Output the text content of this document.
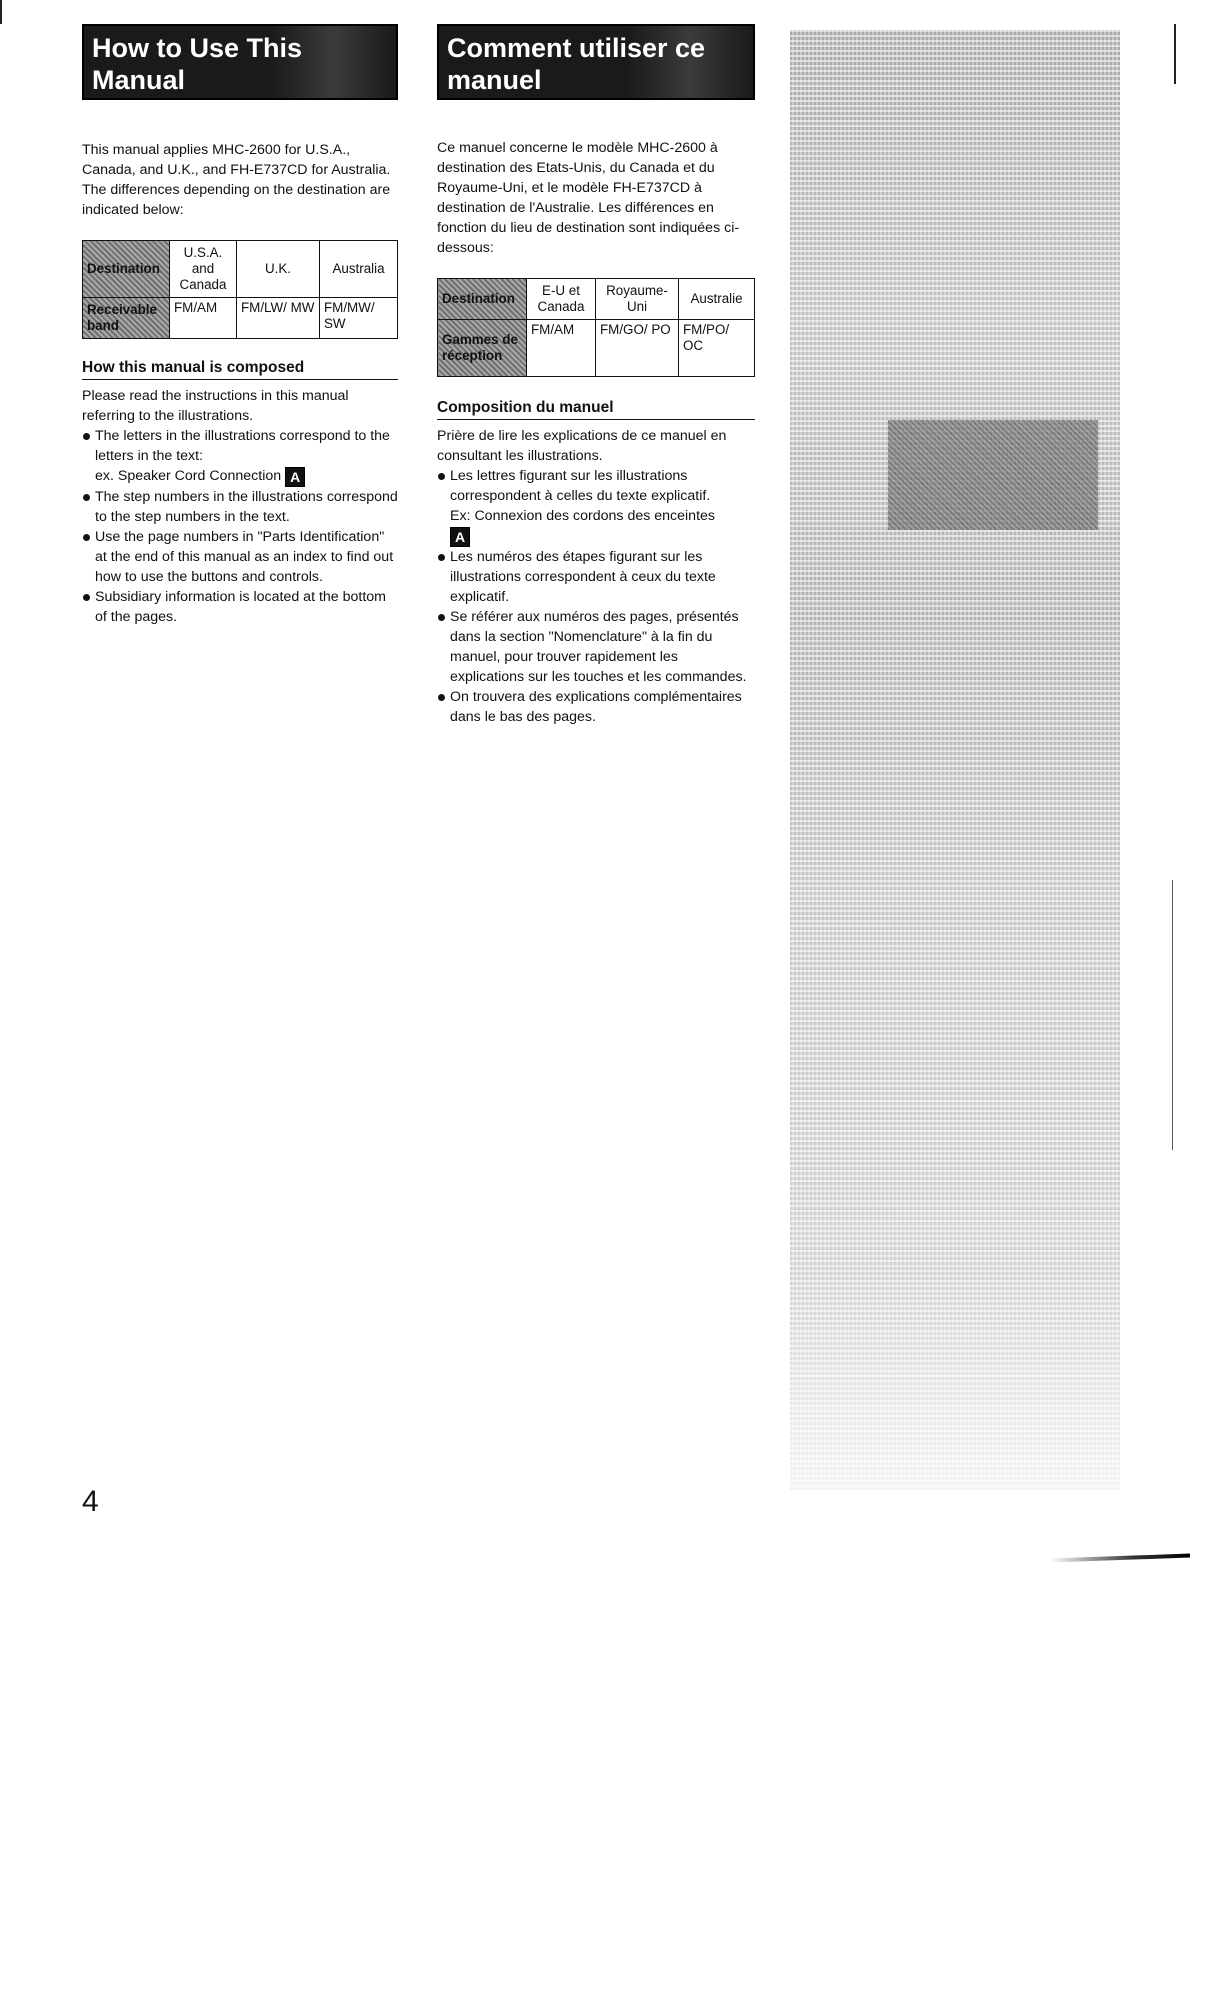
How to Use This
Manual

This manual applies MHC-2600 for U.S.A., Canada, and U.K., and FH-E737CD for Australia. The differences depending on the destination are indicated below:

Destination	U.S.A. and Canada	U.K.	Australia
Receivable band	FM/AM	FM/LW/ MW	FM/MW/ SW
How this manual is composed
Please read the instructions in this manual referring to the illustrations.
The letters in the illustrations correspond to the letters in the text:
ex. Speaker Cord Connection A
The step numbers in the illustrations correspond to the step numbers in the text.
Use the page numbers in "Parts Identification" at the end of this manual as an index to find out how to use the buttons and controls.
Subsidiary information is located at the bottom of the pages.
Comment utiliser ce
manuel

Ce manuel concerne le modèle MHC-2600 à destination des Etats-Unis, du Canada et du Royaume-Uni, et le modèle FH-E737CD à destination de l'Australie. Les différences en fonction du lieu de destination sont indiquées ci-dessous:

Destination	E-U et Canada	Royaume-Uni	Australie
Gammes de réception	FM/AM	FM/GO/ PO	FM/PO/ OC
Composition du manuel
Prière de lire les explications de ce manuel en consultant les illustrations.
Les lettres figurant sur les illustrations correspondent à celles du texte explicatif.
Ex: Connexion des cordons des enceintes
A
Les numéros des étapes figurant sur les illustrations correspondent à ceux du texte explicatif.
Se référer aux numéros des pages, présentés dans la section "Nomenclature" à la fin du manuel, pour trouver rapidement les explications sur les touches et les commandes.
On trouvera des explications complémentaires dans le bas des pages.
4
